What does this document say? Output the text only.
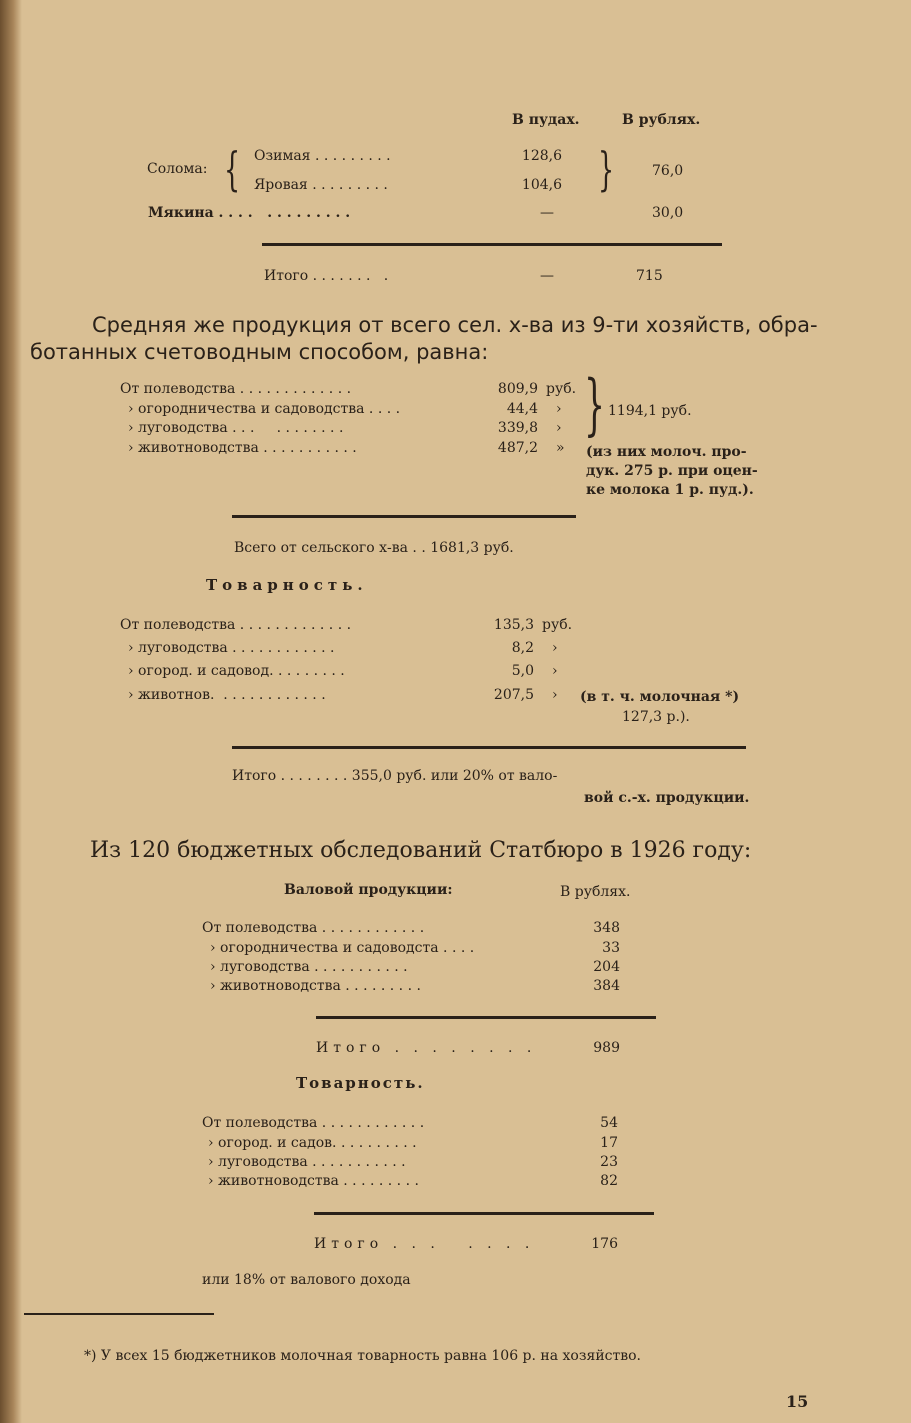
В пудах.	В рублях.
Солома: { Озимая . . . . . . . . .	128,6
Яровая . . . . . . . . .	104,6 }	76,0
Мякина . . . .   . . . . . . . . .	—	30,0
Итого . . . . . . .   .	—	715
Средняя же продукция от всего сел. х-ва из 9-ти хозяйств, обра-
ботанных счетоводным способом, равна:
От полеводства . . . . . . . . . . . . .	809,9 руб.
› огородничества и садоводства . . . .	44,4 ›
› луговодства . . .     . . . . . . . .	339,8 ›
› животноводства . . . . . . . . . . .	487,2 »
} 1194,1 руб.
(из них молоч. про-
дук. 275 р. при оцен-
ке молока 1 р. пуд.).
Всего от сельского х-ва . . 1681,3 руб.
Товарность.
От полеводства . . . . . . . . . . . . .	135,3 руб.
› луговодства . . . . . . . . . . . .	8,2 ›
› огород. и садовод. . . . . . . . .	5,0 ›
› животнов.  . . . . . . . . . . . .	207,5 › (в т. ч. молочная *)
127,3 р.).
Итого . . . . . . . . 355,0 руб. или 20% от вало-
вой с.-х. продукции.
Из 120 бюджетных обследований Статбюро в 1926 году:
Валовой продукции:	В рублях.
От полеводства . . . . . . . . . . . .	348
› огородничества и садоводста . . . .	33
› луговодства . . . . . . . . . . .	204
› животноводства . . . . . . . . .	384
Итого . . . . . . . .	989
Товарность.
От полеводства . . . . . . . . . . . .	54
› огород. и садов. . . . . . . . . .	17
› луговодства . . . . . . . . . . .	23
› животноводства . . . . . . . . .	82
Итого . . .   . . . .	176
или 18% от валового дохода
*) У всех 15 бюджетников молочная товарность равна 106 р. на хозяйство.
15
